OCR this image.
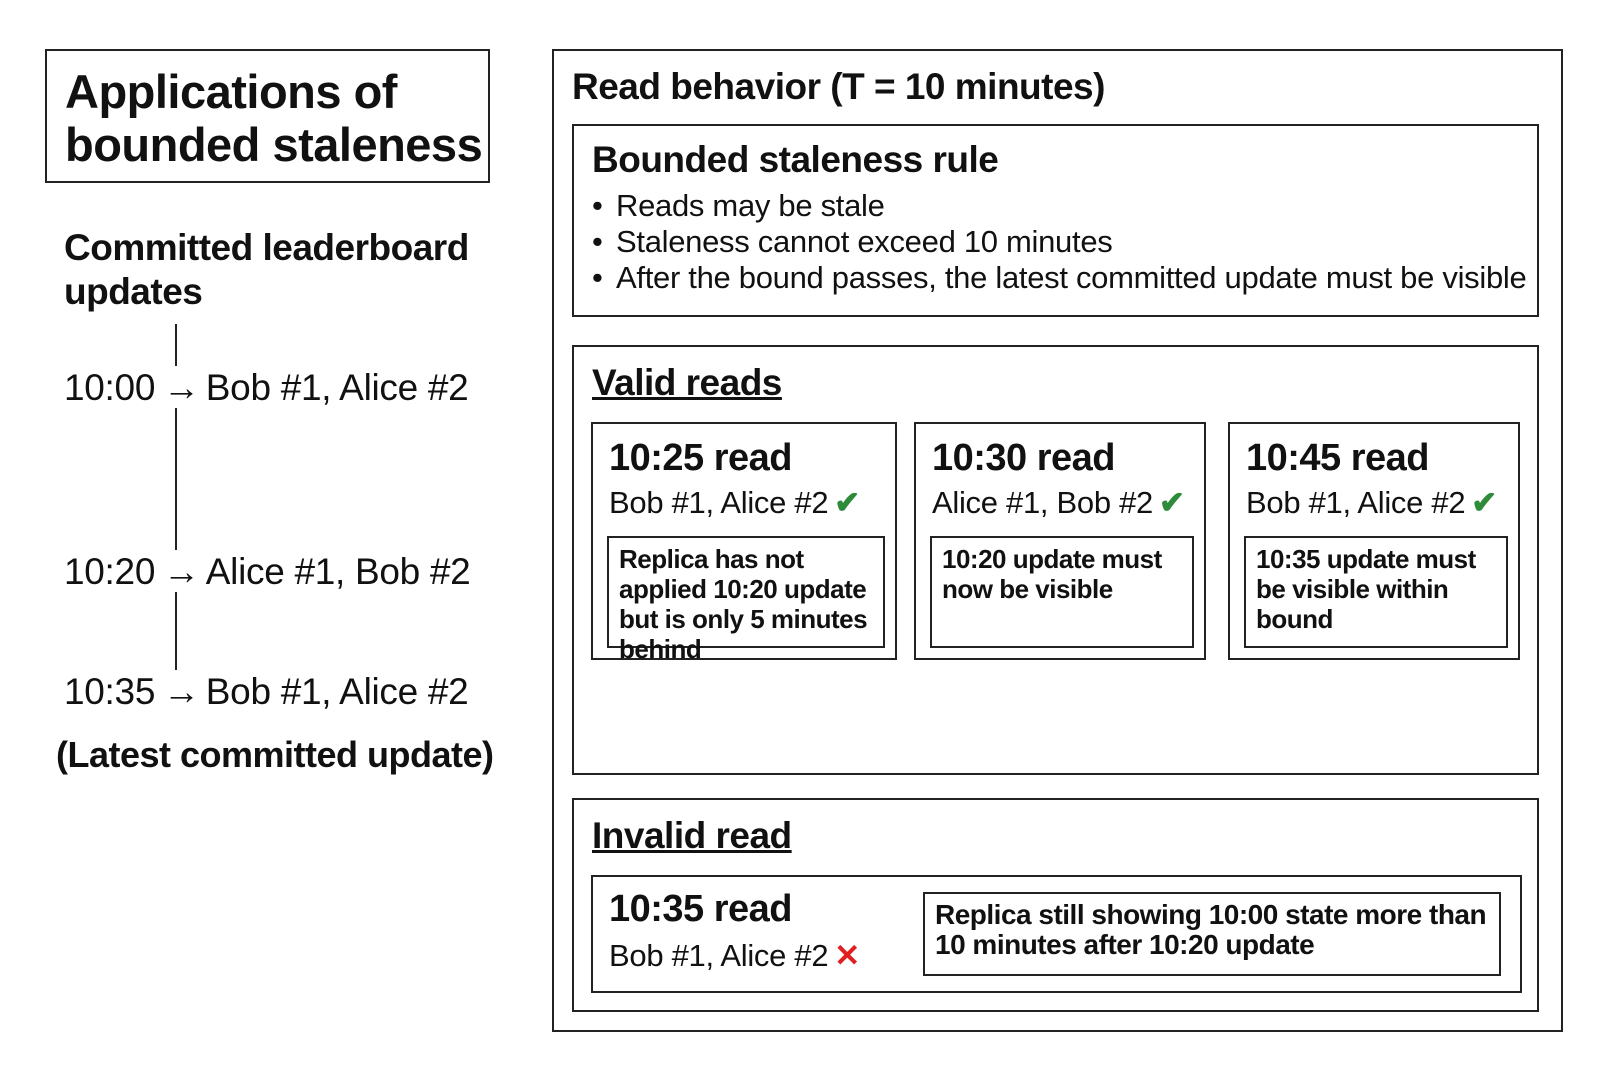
Applications of bounded staleness
Committed leaderboard updates
10:00 → Bob #1, Alice #2
10:20 → Alice #1, Bob #2
10:35 → Bob #1, Alice #2
(Latest committed update)
Read behavior (T = 10 minutes)
Bounded staleness rule
• Reads may be stale
• Staleness cannot exceed 10 minutes
• After the bound passes, the latest committed update must be visible
Valid reads
10:25 read
Bob #1, Alice #2 ✔
Replica has not applied 10:20 update but is only 5 minutes behind
10:30 read
Alice #1, Bob #2 ✔
10:20 update must now be visible
10:45 read
Bob #1, Alice #2 ✔
10:35 update must be visible within bound
Invalid read
10:35 read
Bob #1, Alice #2 ✕
Replica still showing 10:00 state more than 10 minutes after 10:20 update
